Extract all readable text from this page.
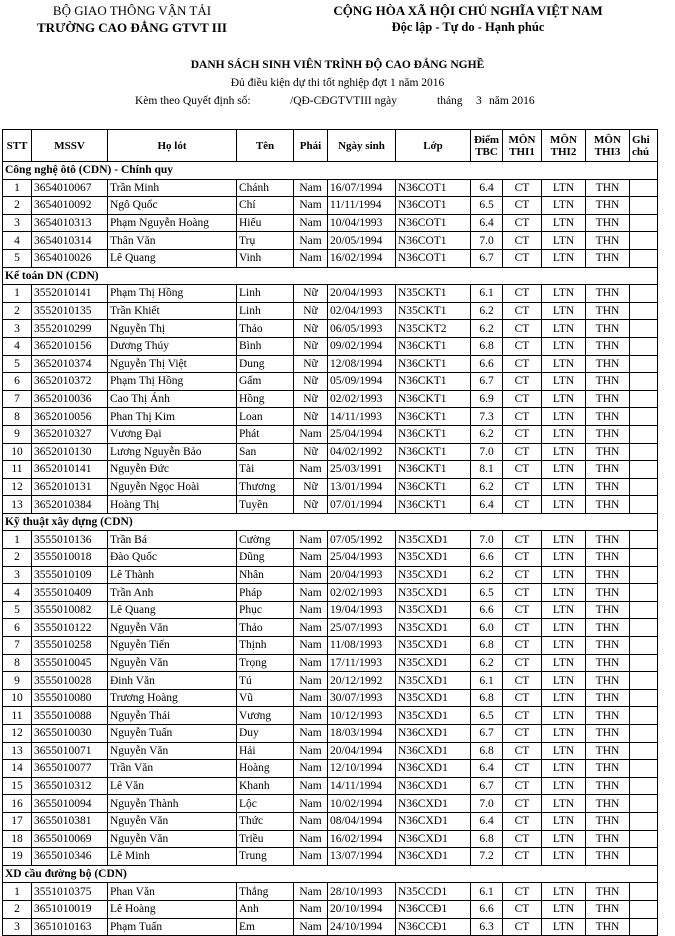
BỘ GIAO THÔNG VẬN TẢI
TRƯỜNG CAO ĐẲNG GTVT III
CỘNG HÒA XÃ HỘI CHỦ NGHĨA VIỆT NAM
Độc lập - Tự do - Hạnh phúc
DANH SÁCH SINH VIÊN TRÌNH ĐỘ CAO ĐẲNG NGHỀ
Đủ điều kiện dự thi tốt nghiệp đợt 1 năm 2016
Kèm theo Quyết định số:	/QĐ-CĐGTVTIII ngày	tháng 3 năm 2016
STT	MSSV	Họ lót	Tên	Phái	Ngày sinh	Lớp	Điểm TBC	MÔN THI1	MÔN THI2	MÔN THI3	Ghi chú
Công nghệ ôtô (CDN) - Chính quy											
1	3654010067	Trần Minh	Chánh	Nam	16/07/1994	N36COT1	6.4	CT	LTN	THN	
2	3654010092	Ngô Quốc	Chí	Nam	11/11/1994	N36COT1	6.5	CT	LTN	THN	
3	3654010313	Phạm Nguyễn Hoàng	Hiếu	Nam	10/04/1993	N36COT1	6.4	CT	LTN	THN	
4	3654010314	Thân Văn	Trụ	Nam	20/05/1994	N36COT1	7.0	CT	LTN	THN	
5	3654010026	Lê Quang	Vinh	Nam	16/02/1994	N36COT1	6.7	CT	LTN	THN	
Kế toán DN (CDN)											
1	3552010141	Phạm Thị Hồng	Linh	Nữ	20/04/1993	N35CKT1	6.1	CT	LTN	THN	
2	3552010135	Trần Khiết	Linh	Nữ	02/04/1993	N35CKT1	6.2	CT	LTN	THN	
3	3552010299	Nguyễn Thị	Thảo	Nữ	06/05/1993	N35CKT2	6.2	CT	LTN	THN	
4	3652010156	Dương Thúy	Bình	Nữ	09/02/1994	N36CKT1	6.8	CT	LTN	THN	
5	3652010374	Nguyễn Thị Việt	Dung	Nữ	12/08/1994	N36CKT1	6.6	CT	LTN	THN	
6	3652010372	Phạm Thị Hồng	Gấm	Nữ	05/09/1994	N36CKT1	6.7	CT	LTN	THN	
7	3652010036	Cao Thị Ánh	Hồng	Nữ	02/02/1993	N36CKT1	6.9	CT	LTN	THN	
8	3652010056	Phan Thị Kim	Loan	Nữ	14/11/1993	N36CKT1	7.3	CT	LTN	THN	
9	3652010327	Vương Đại	Phát	Nam	25/04/1994	N36CKT1	6.2	CT	LTN	THN	
10	3652010130	Lương Nguyễn Bảo	San	Nữ	04/02/1992	N36CKT1	7.0	CT	LTN	THN	
11	3652010141	Nguyễn Đức	Tài	Nam	25/03/1991	N36CKT1	8.1	CT	LTN	THN	
12	3652010131	Nguyễn Ngọc Hoài	Thương	Nữ	13/01/1994	N36CKT1	6.2	CT	LTN	THN	
13	3652010384	Hoàng Thị	Tuyền	Nữ	07/01/1994	N36CKT1	6.4	CT	LTN	THN	
Kỹ thuật xây dựng (CDN)											
1	3555010136	Trần Bá	Cường	Nam	07/05/1992	N35CXD1	7.0	CT	LTN	THN	
2	3555010018	Đào Quốc	Dũng	Nam	25/04/1993	N35CXD1	6.6	CT	LTN	THN	
3	3555010109	Lê Thành	Nhân	Nam	20/04/1993	N35CXD1	6.2	CT	LTN	THN	
4	3555010409	Trần Anh	Pháp	Nam	02/02/1993	N35CXD1	6.5	CT	LTN	THN	
5	3555010082	Lê Quang	Phục	Nam	19/04/1993	N35CXD1	6.6	CT	LTN	THN	
6	3555010122	Nguyễn Văn	Thảo	Nam	25/07/1993	N35CXD1	6.0	CT	LTN	THN	
7	3555010258	Nguyễn Tiến	Thịnh	Nam	11/08/1993	N35CXD1	6.8	CT	LTN	THN	
8	3555010045	Nguyễn Văn	Trọng	Nam	17/11/1993	N35CXD1	6.2	CT	LTN	THN	
9	3555010028	Đinh Văn	Tú	Nam	20/12/1992	N35CXD1	6.1	CT	LTN	THN	
10	3555010080	Trương Hoàng	Vũ	Nam	30/07/1993	N35CXD1	6.8	CT	LTN	THN	
11	3555010088	Nguyễn Thái	Vương	Nam	10/12/1993	N35CXD1	6.5	CT	LTN	THN	
12	3655010030	Nguyễn Tuấn	Duy	Nam	18/03/1994	N36CXD1	6.7	CT	LTN	THN	
13	3655010071	Nguyễn Văn	Hải	Nam	20/04/1994	N36CXD1	6.8	CT	LTN	THN	
14	3655010077	Trần Văn	Hoàng	Nam	12/10/1994	N36CXD1	6.4	CT	LTN	THN	
15	3655010312	Lê Văn	Khanh	Nam	14/11/1994	N36CXD1	6.7	CT	LTN	THN	
16	3655010094	Nguyễn Thành	Lộc	Nam	10/02/1994	N36CXD1	7.0	CT	LTN	THN	
17	3655010381	Nguyễn Văn	Thức	Nam	08/04/1994	N36CXD1	6.4	CT	LTN	THN	
18	3655010069	Nguyễn Văn	Triều	Nam	16/02/1994	N36CXD1	6.8	CT	LTN	THN	
19	3655010346	Lê Minh	Trung	Nam	13/07/1994	N36CXD1	7.2	CT	LTN	THN	
XD cầu đường bộ (CDN)											
1	3551010375	Phan Văn	Thắng	Nam	28/10/1993	N35CCD1	6.1	CT	LTN	THN	
2	3651010019	Lê Hoàng	Anh	Nam	20/10/1994	N36CCĐ1	6.6	CT	LTN	THN	
3	3651010163	Phạm Tuấn	Em	Nam	24/10/1994	N36CCĐ1	6.3	CT	LTN	THN	
